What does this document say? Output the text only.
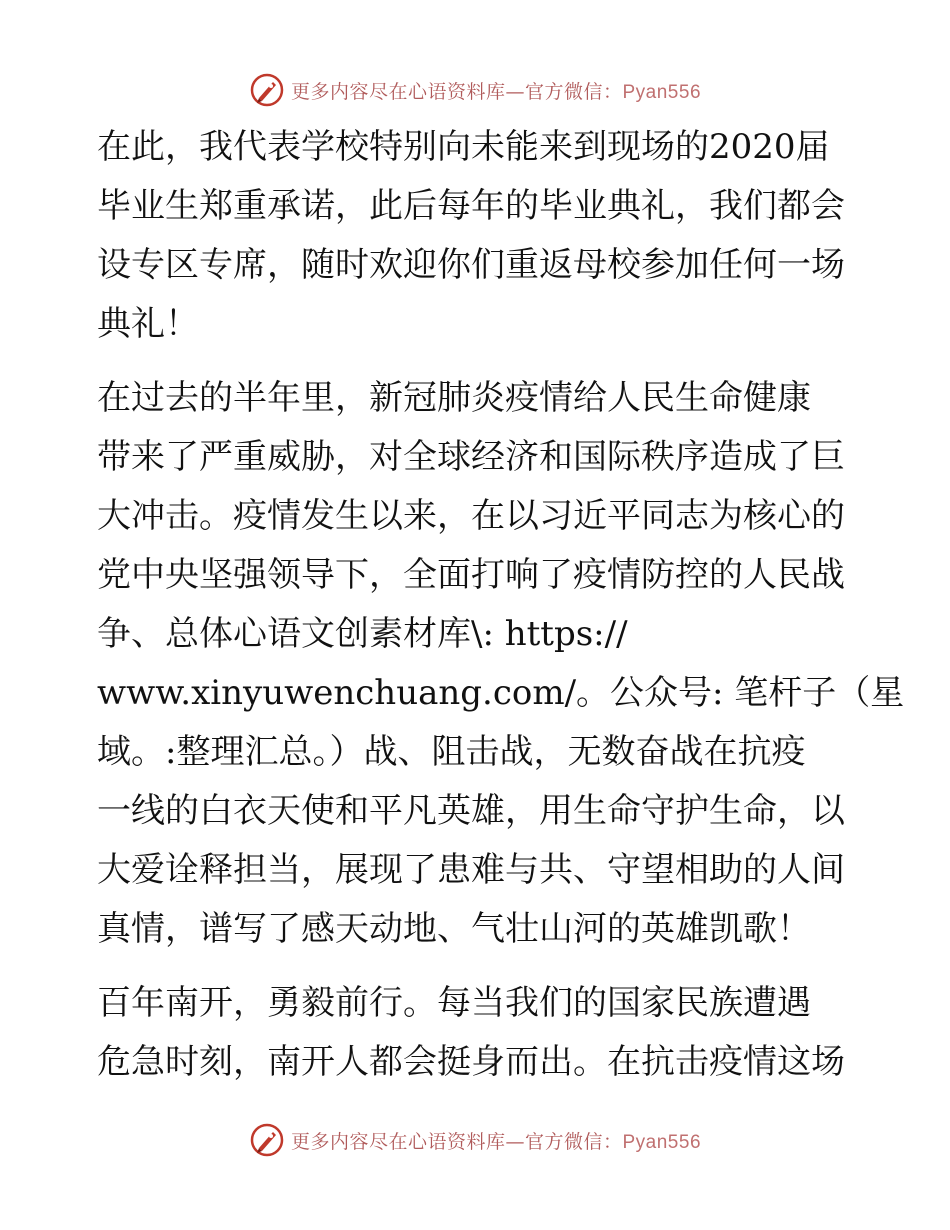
更多内容尽在心语资料库—官方微信：Pyan556

在此，我代表学校特别向未能来到现场的2020届
毕业生郑重承诺，此后每年的毕业典礼，我们都会
设专区专席，随时欢迎你们重返母校参加任何一场
典礼！

在过去的半年里，新冠肺炎疫情给人民生命健康
带来了严重威胁，对全球经济和国际秩序造成了巨
大冲击。疫情发生以来，在以习近平同志为核心的
党中央坚强领导下，全面打响了疫情防控的人民战
争、总体心语文创素材库\: https://
www.xinyuwenchuang.com/。公众号: 笔杆子（星
域。:整理汇总。）战、阻击战，无数奋战在抗疫
一线的白衣天使和平凡英雄，用生命守护生命，以
大爱诠释担当，展现了患难与共、守望相助的人间
真情，谱写了感天动地、气壮山河的英雄凯歌！

百年南开，勇毅前行。每当我们的国家民族遭遇
危急时刻，南开人都会挺身而出。在抗击疫情这场

更多内容尽在心语资料库—官方微信：Pyan556
